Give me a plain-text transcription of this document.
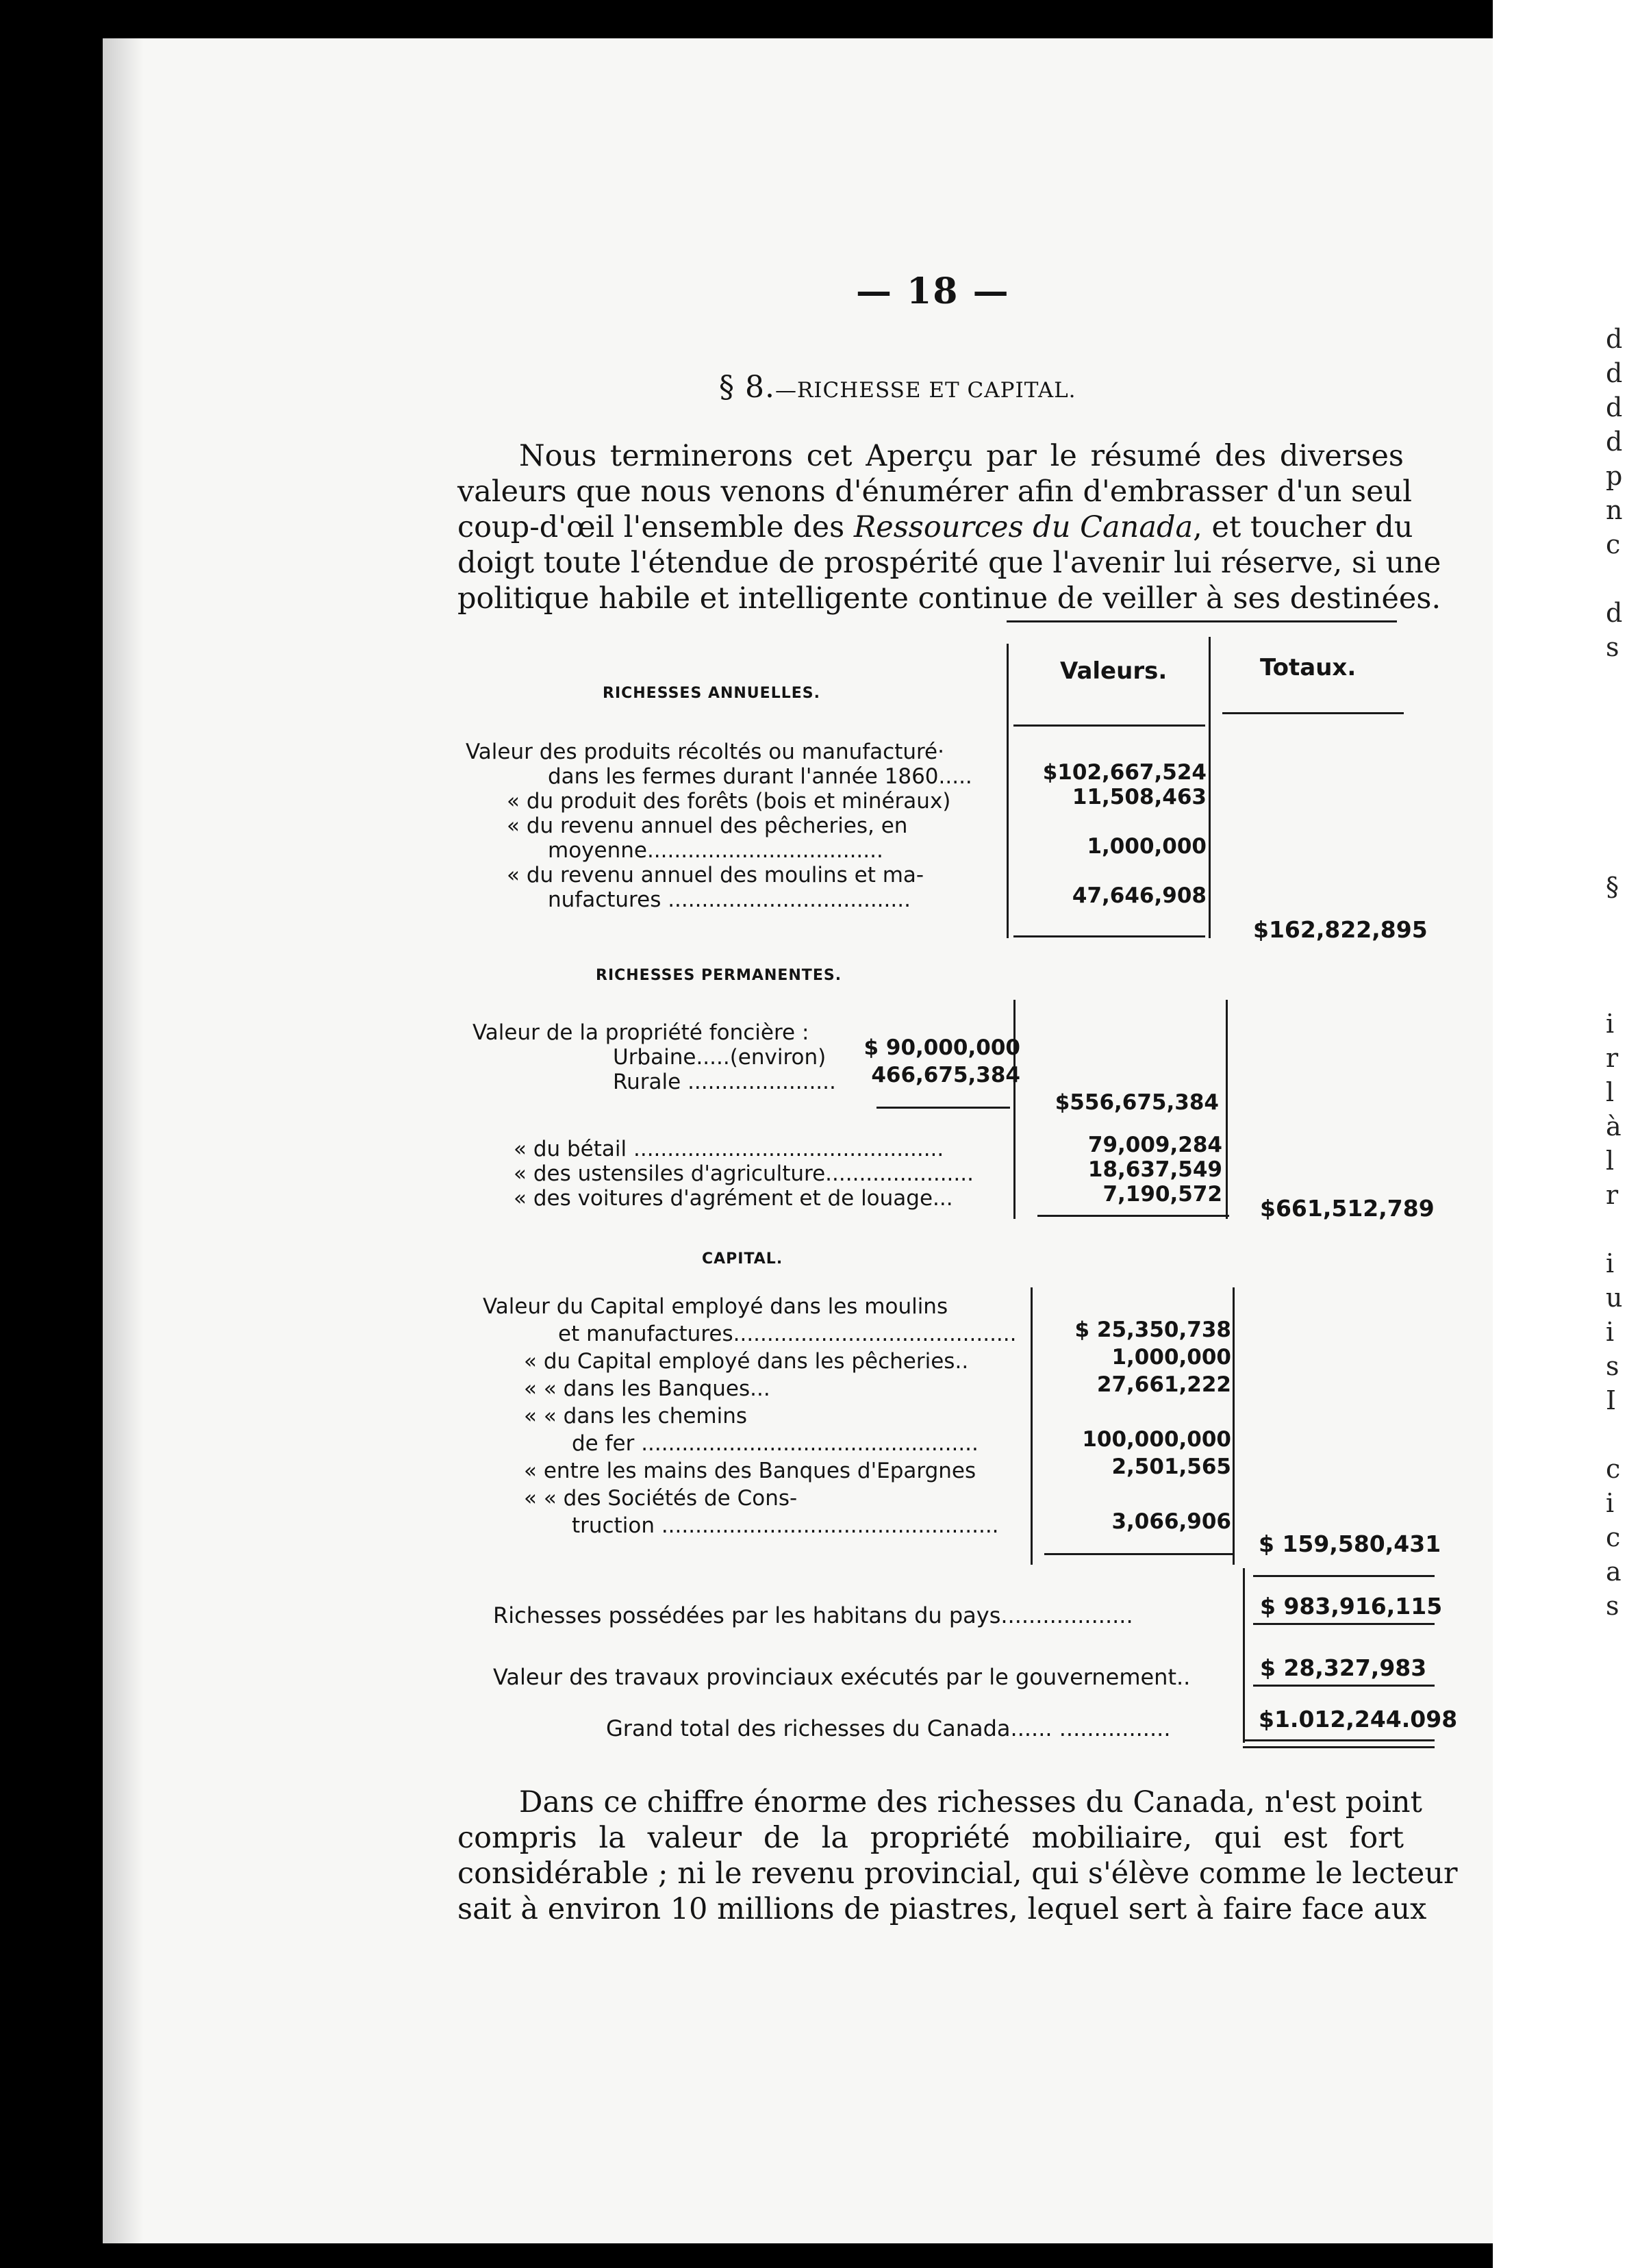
d
d
d
d
p
n
c
d
s
§
i
r
l
à
l
r
i
u
i
s
I
c
i
c
a
s
— 18 —
§ 8.—RICHESSE ET CAPITAL.
Nous terminerons cet Aperçu par le résumé des diverses
valeurs que nous venons d'énumérer afin d'embrasser d'un seul
coup-d'œil l'ensemble des Ressources du Canada, et toucher du
doigt toute l'étendue de prospérité que l'avenir lui réserve, si une
politique habile et intelligente continue de veiller à ses destinées.
Valeurs.	Totaux.
RICHESSES ANNUELLES.
Valeur des produits récoltés ou manufacturé·
dans les fermes durant l'année 1860.....	$102,667,524
« du produit des forêts (bois et minéraux)	11,508,463
« du revenu annuel des pêcheries, en
moyenne...................................	1,000,000
« du revenu annuel des moulins et ma-
nufactures ....................................	47,646,908
$162,822,895
RICHESSES PERMANENTES.
Valeur de la propriété foncière :
Urbaine.....(environ)	$ 90,000,000
Rurale ......................	466,675,384
$556,675,384
« du bétail ..............................................	79,009,284
« des ustensiles d'agriculture......................	18,637,549
« des voitures d'agrément et de louage...	7,190,572
$661,512,789
CAPITAL.
Valeur du Capital employé dans les moulins
et manufactures..........................................	$ 25,350,738
« du Capital employé dans les pêcheries..	1,000,000
« « dans les Banques...	27,661,222
« « dans les chemins
de fer ..................................................	100,000,000
« entre les mains des Banques d'Epargnes	2,501,565
« « des Sociétés de Cons-
truction ..................................................	3,066,906
$ 159,580,431
Richesses possédées par les habitans du pays...................	$ 983,916,115
Valeur des travaux provinciaux exécutés par le gouvernement..	$ 28,327,983
Grand total des richesses du Canada...... ................	$1.012,244.098
Dans ce chiffre énorme des richesses du Canada, n'est point
compris la valeur de la propriété mobiliaire, qui est fort
considérable ; ni le revenu provincial, qui s'élève comme le lecteur
sait à environ 10 millions de piastres, lequel sert à faire face aux
